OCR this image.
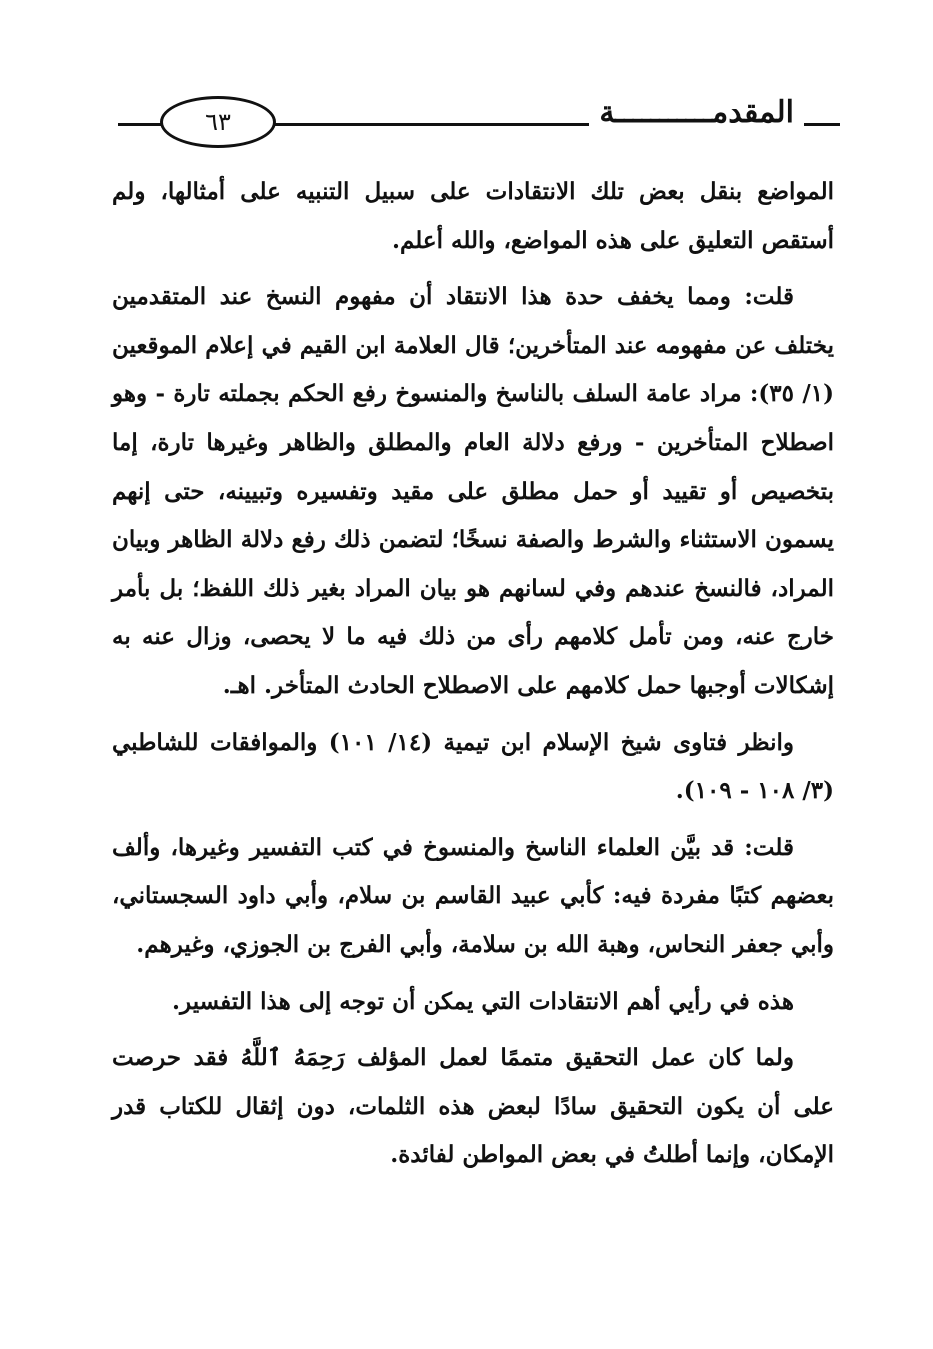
٦٣	المقدمـــــــــــة

المواضع بنقل بعض تلك الانتقادات على سبيل التنبيه على أمثالها، ولم أستقص التعليق على هذه المواضع، والله أعلم.

قلت: ومما يخفف حدة هذا الانتقاد أن مفهوم النسخ عند المتقدمين يختلف عن مفهومه عند المتأخرين؛ قال العلامة ابن القيم في إعلام الموقعين (١/ ٣٥): مراد عامة السلف بالناسخ والمنسوخ رفع الحكم بجملته تارة - وهو اصطلاح المتأخرين - ورفع دلالة العام والمطلق والظاهر وغيرها تارة، إما بتخصيص أو تقييد أو حمل مطلق على مقيد وتفسيره وتبيينه، حتى إنهم يسمون الاستثناء والشرط والصفة نسخًا؛ لتضمن ذلك رفع دلالة الظاهر وبيان المراد، فالنسخ عندهم وفي لسانهم هو بيان المراد بغير ذلك اللفظ؛ بل بأمر خارج عنه، ومن تأمل كلامهم رأى من ذلك فيه ما لا يحصى، وزال عنه به إشكالات أوجبها حمل كلامهم على الاصطلاح الحادث المتأخر. اهـ.

وانظر فتاوى شيخ الإسلام ابن تيمية (١٤/ ١٠١) والموافقات للشاطبي (٣/ ١٠٨ - ١٠٩).

قلت: قد بيَّن العلماء الناسخ والمنسوخ في كتب التفسير وغيرها، وألف بعضهم كتبًا مفردة فيه: كأبي عبيد القاسم بن سلام، وأبي داود السجستاني، وأبي جعفر النحاس، وهبة الله بن سلامة، وأبي الفرج بن الجوزي، وغيرهم.

هذه في رأيي أهم الانتقادات التي يمكن أن توجه إلى هذا التفسير.

ولما كان عمل التحقيق متممًا لعمل المؤلف رَحِمَهُ ٱللَّهُ فقد حرصت على أن يكون التحقيق سادًا لبعض هذه الثلمات، دون إثقال للكتاب قدر الإمكان، وإنما أطلتُ في بعض المواطن لفائدة.
